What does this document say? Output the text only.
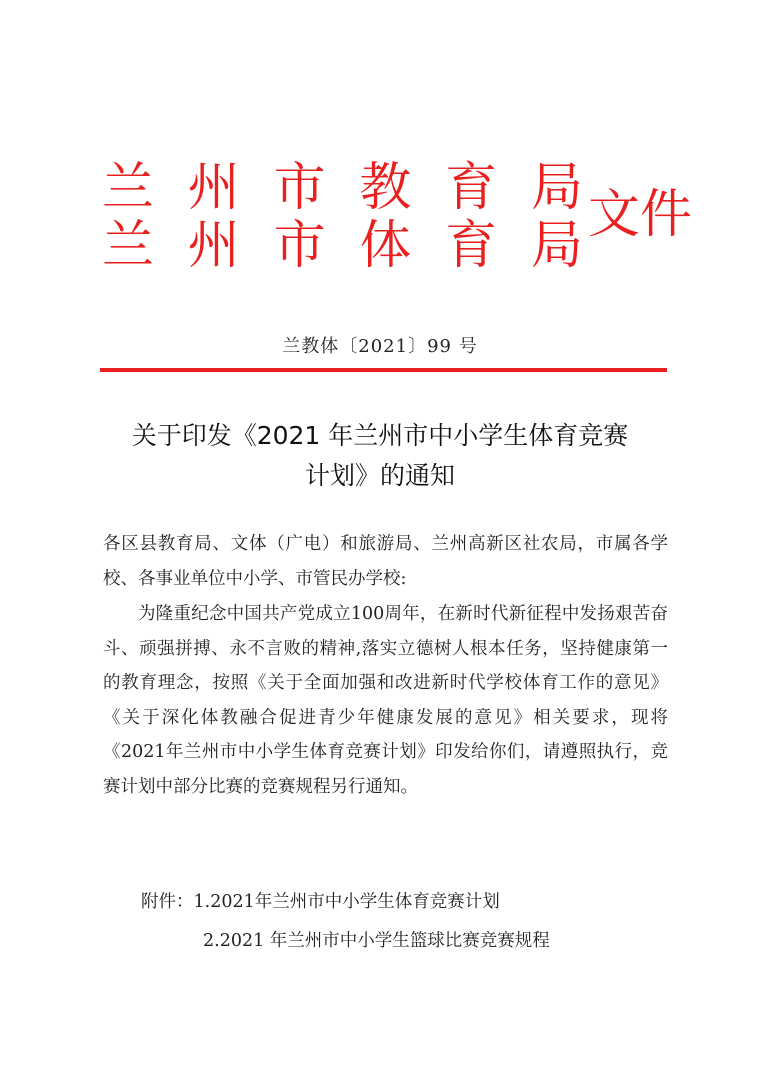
兰 州 市 教 育 局
兰 州 市 体 育 局
文件
兰教体〔2021〕99 号
关于印发《2021 年兰州市中小学生体育竞赛
计划》的通知

各区县教育局、文体（广电）和旅游局、兰州高新区社农局，市属各学校、各事业单位中小学、市管民办学校:

为隆重纪念中国共产党成立100周年，在新时代新征程中发扬艰苦奋斗、顽强拼搏、永不言败的精神,落实立德树人根本任务，坚持健康第一的教育理念，按照《关于全面加强和改进新时代学校体育工作的意见》《关于深化体教融合促进青少年健康发展的意见》相关要求，现将《2021年兰州市中小学生体育竞赛计划》印发给你们，请遵照执行，竞赛计划中部分比赛的竞赛规程另行通知。

附件：1.2021年兰州市中小学生体育竞赛计划
2.2021 年兰州市中小学生篮球比赛竞赛规程
